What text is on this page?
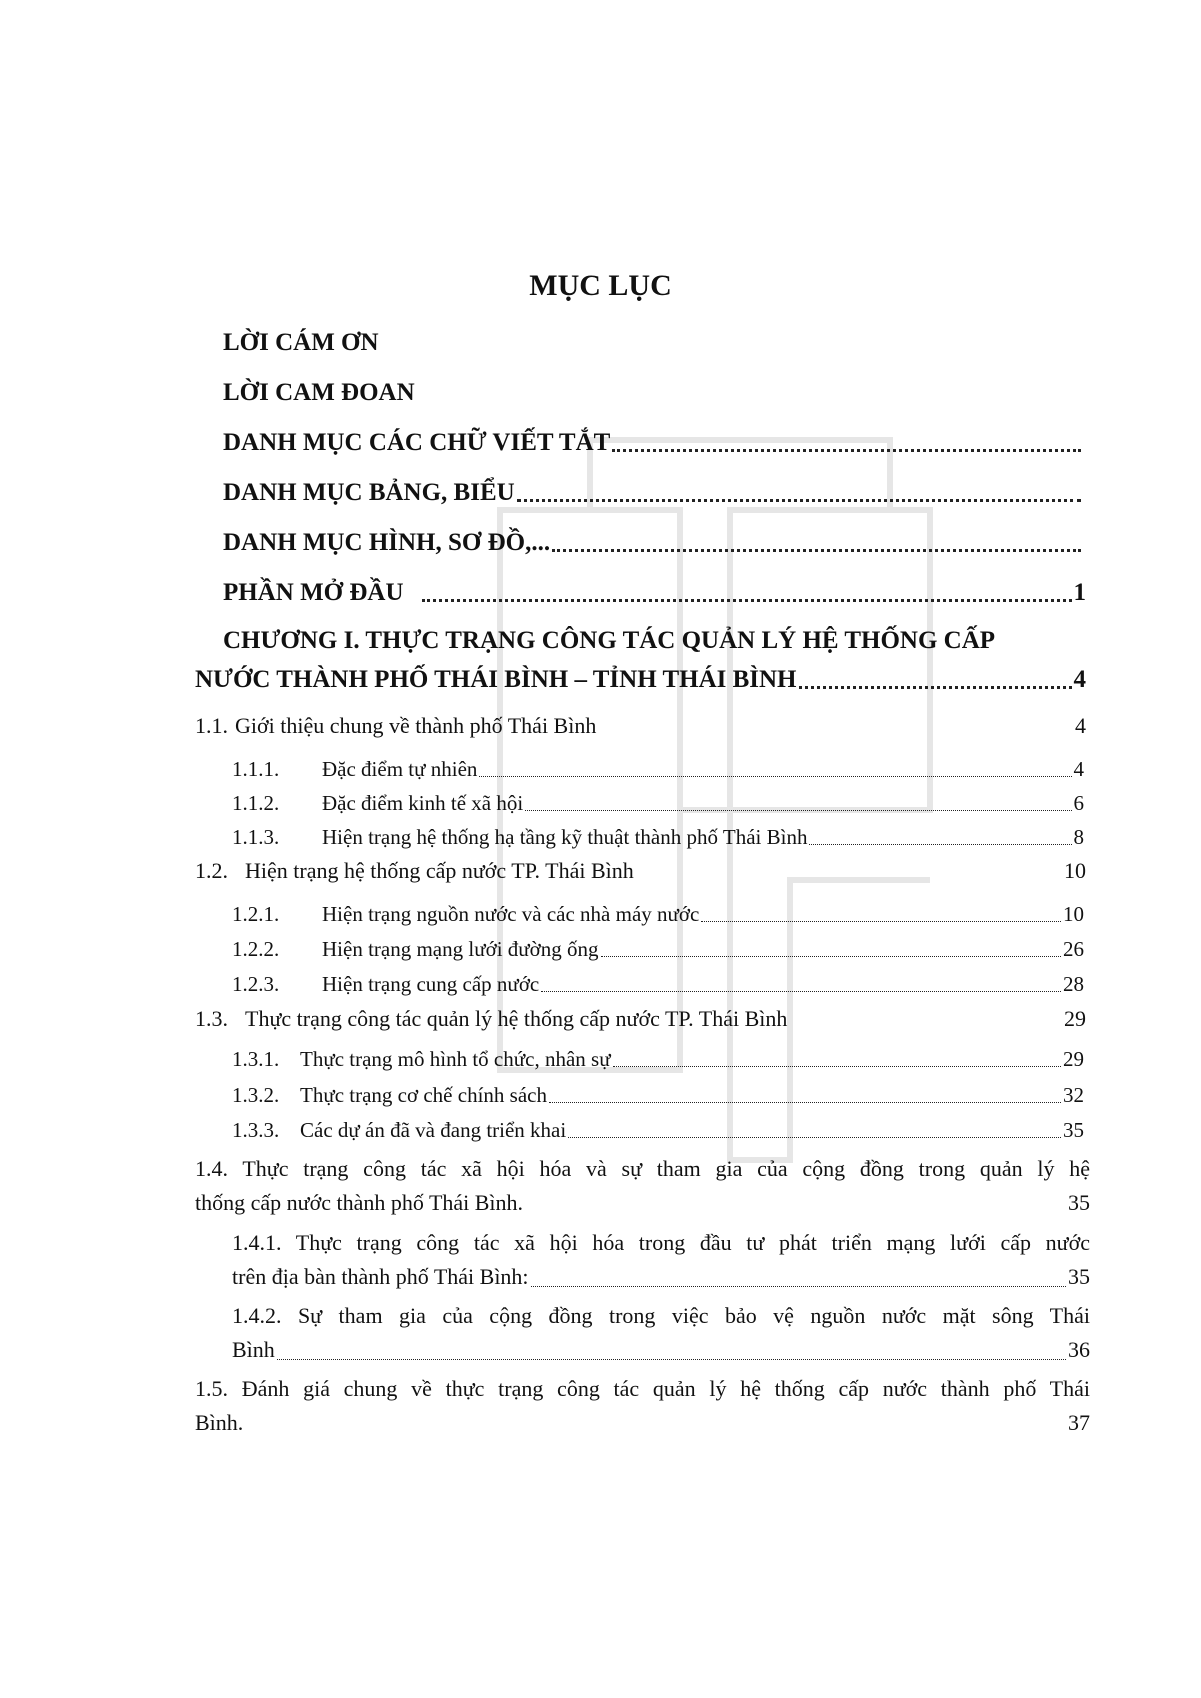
MỤC LỤC
LỜI CÁM ƠN
LỜI CAM ĐOAN
DANH MỤC CÁC CHỮ VIẾT TẮT
DANH MỤC BẢNG, BIỂU
DANH MỤC HÌNH, SƠ ĐỒ,...
PHẦN MỞ ĐẦU	1
CHƯƠNG I. THỰC TRẠNG CÔNG TÁC QUẢN LÝ HỆ THỐNG CẤP
NƯỚC THÀNH PHỐ THÁI BÌNH – TỈNH THÁI BÌNH	4
1.1. Giới thiệu chung về thành phố Thái Bình	4
1.1.1.	Đặc điểm tự nhiên	4
1.1.2.	Đặc điểm kinh tế xã hội	6
1.1.3.	Hiện trạng hệ thống hạ tầng kỹ thuật thành phố Thái Bình	8
1.2. Hiện trạng hệ thống cấp nước TP. Thái Bình	10
1.2.1.	Hiện trạng nguồn nước và các nhà máy nước	10
1.2.2.	Hiện trạng mạng lưới đường ống	26
1.2.3.	Hiện trạng cung cấp nước	28
1.3. Thực trạng công tác quản lý hệ thống cấp nước TP. Thái Bình	29
1.3.1. Thực trạng mô hình tổ chức, nhân sự	29
1.3.2. Thực trạng cơ chế chính sách	32
1.3.3. Các dự án đã và đang triển khai	35
1.4. Thực trạng công tác xã hội hóa và sự tham gia của cộng đồng trong quản lý hệ
thống cấp nước thành phố Thái Bình.	35
1.4.1. Thực trạng công tác xã hội hóa trong đầu tư phát triển mạng lưới cấp nước
trên địa bàn thành phố Thái Bình:	35
1.4.2. Sự tham gia của cộng đồng trong việc bảo vệ nguồn nước mặt sông Thái
Bình	36
1.5. Đánh giá chung về thực trạng công tác quản lý hệ thống cấp nước thành phố Thái
Bình.	37
